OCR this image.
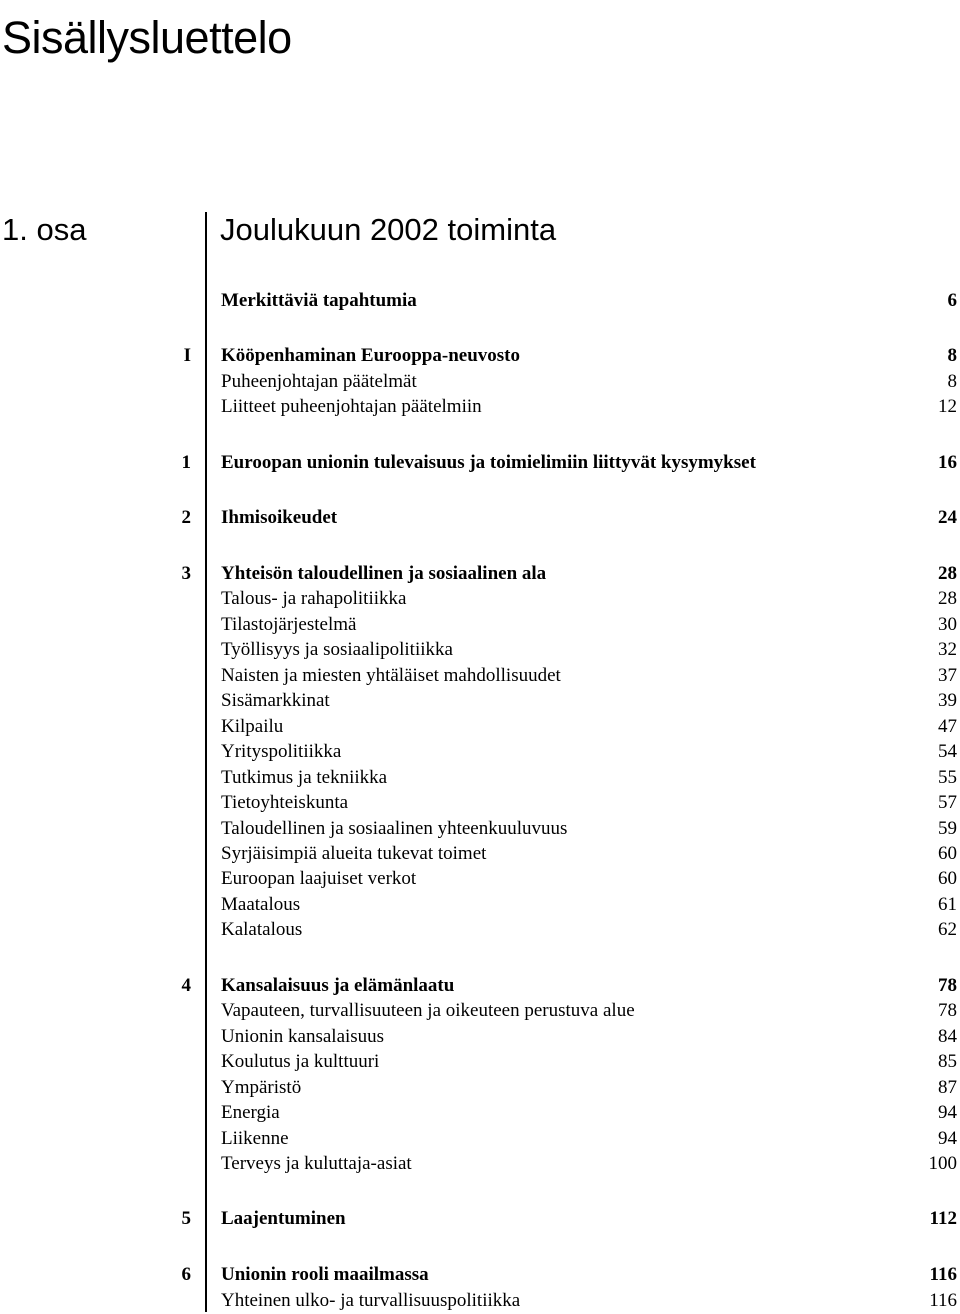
Sisällysluettelo
1. osa	Joulukuun 2002 toiminta
Merkittäviä tapahtumia	6
I Kööpenhaminan Eurooppa-neuvosto	8
Puheenjohtajan päätelmät	8
Liitteet puheenjohtajan päätelmiin	12
1 Euroopan unionin tulevaisuus ja toimielimiin liittyvät kysymykset	16
2 Ihmisoikeudet	24
3 Yhteisön taloudellinen ja sosiaalinen ala	28
Talous- ja rahapolitiikka	28
Tilastojärjestelmä	30
Työllisyys ja sosiaalipolitiikka	32
Naisten ja miesten yhtäläiset mahdollisuudet	37
Sisämarkkinat	39
Kilpailu	47
Yrityspolitiikka	54
Tutkimus ja tekniikka	55
Tietoyhteiskunta	57
Taloudellinen ja sosiaalinen yhteenkuuluvuus	59
Syrjäisimpiä alueita tukevat toimet	60
Euroopan laajuiset verkot	60
Maatalous	61
Kalatalous	62
4 Kansalaisuus ja elämänlaatu	78
Vapauteen, turvallisuuteen ja oikeuteen perustuva alue	78
Unionin kansalaisuus	84
Koulutus ja kulttuuri	85
Ympäristö	87
Energia	94
Liikenne	94
Terveys ja kuluttaja-asiat	100
5 Laajentuminen	112
6 Unionin rooli maailmassa	116
Yhteinen ulko- ja turvallisuuspolitiikka	116
